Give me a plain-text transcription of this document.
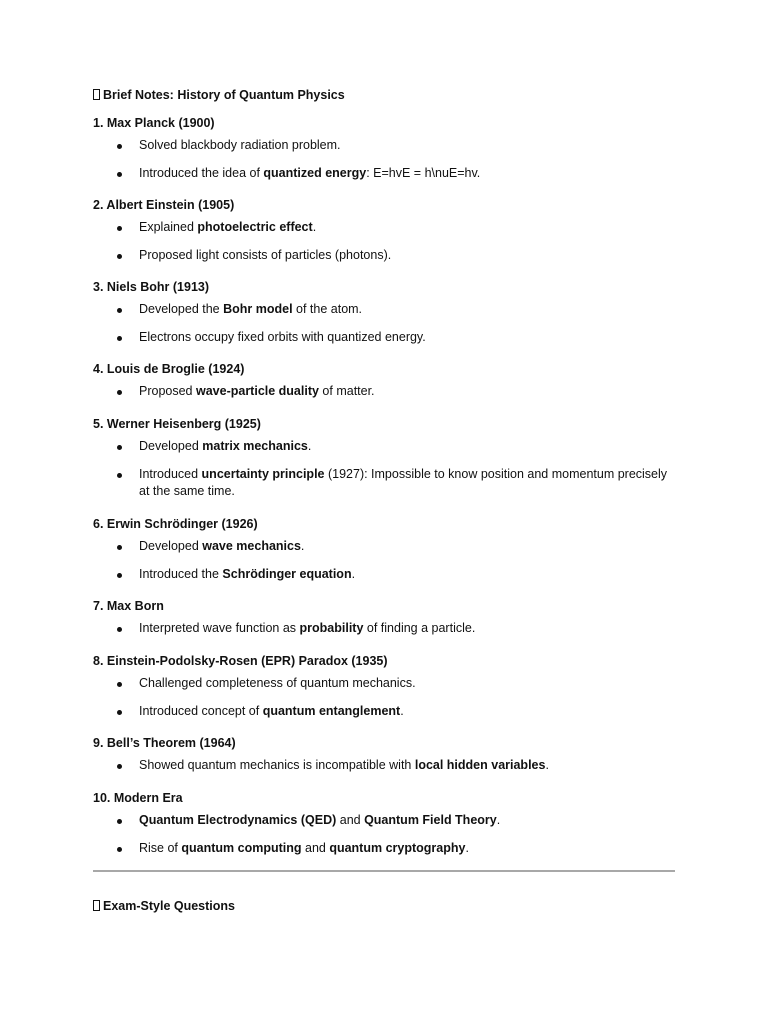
Brief Notes: History of Quantum Physics
1. Max Planck (1900)
Solved blackbody radiation problem.
Introduced the idea of quantized energy: E=hvE = h\nuE=hv.
2. Albert Einstein (1905)
Explained photoelectric effect.
Proposed light consists of particles (photons).
3. Niels Bohr (1913)
Developed the Bohr model of the atom.
Electrons occupy fixed orbits with quantized energy.
4. Louis de Broglie (1924)
Proposed wave-particle duality of matter.
5. Werner Heisenberg (1925)
Developed matrix mechanics.
Introduced uncertainty principle (1927): Impossible to know position and momentum precisely at the same time.
6. Erwin Schrödinger (1926)
Developed wave mechanics.
Introduced the Schrödinger equation.
7. Max Born
Interpreted wave function as probability of finding a particle.
8. Einstein-Podolsky-Rosen (EPR) Paradox (1935)
Challenged completeness of quantum mechanics.
Introduced concept of quantum entanglement.
9. Bell’s Theorem (1964)
Showed quantum mechanics is incompatible with local hidden variables.
10. Modern Era
Quantum Electrodynamics (QED) and Quantum Field Theory.
Rise of quantum computing and quantum cryptography.
Exam-Style Questions
